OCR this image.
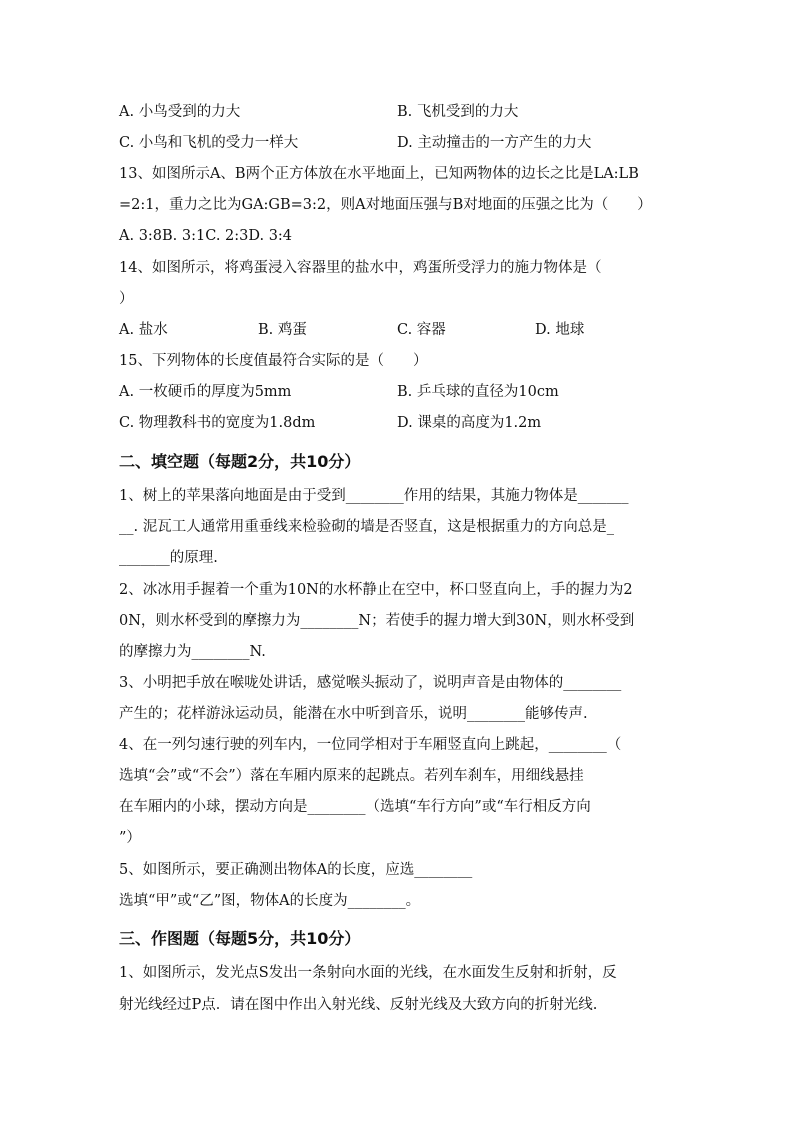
A. 小鸟受到的力大	B. 飞机受到的力大
C. 小鸟和飞机的受力一样大	D. 主动撞击的一方产生的力大
13、如图所示A、B两个正方体放在水平地面上，已知两物体的边长之比是LA:LB
=2:1，重力之比为GA:GB=3:2，则A对地面压强与B对地面的压强之比为（　　）
A. 3:8B. 3:1C. 2:3D. 3:4
14、如图所示，将鸡蛋浸入容器里的盐水中，鸡蛋所受浮力的施力物体是（
）
A. 盐水	B. 鸡蛋	C. 容器	D. 地球
15、下列物体的长度值最符合实际的是（　　）
A. 一枚硬币的厚度为5mm	B. 乒乓球的直径为10cm
C. 物理教科书的宽度为1.8dm	D. 课桌的高度为1.2m
二、填空题（每题2分，共10分）
1、树上的苹果落向地面是由于受到________作用的结果，其施力物体是_______
__. 泥瓦工人通常用重垂线来检验砌的墙是否竖直，这是根据重力的方向总是_
_______的原理.
2、冰冰用手握着一个重为10N的水杯静止在空中，杯口竖直向上，手的握力为2
0N，则水杯受到的摩擦力为________N；若使手的握力增大到30N，则水杯受到
的摩擦力为________N.
3、小明把手放在喉咙处讲话，感觉喉头振动了，说明声音是由物体的________
产生的；花样游泳运动员，能潜在水中听到音乐，说明________能够传声.
4、在一列匀速行驶的列车内，一位同学相对于车厢竖直向上跳起，________（
选填“会”或“不会”）落在车厢内原来的起跳点。若列车刹车，用细线悬挂
在车厢内的小球，摆动方向是________（选填“车行方向”或“车行相反方向
”）
5、如图所示，要正确测出物体A的长度，应选________
选填“甲”或“乙”图，物体A的长度为________。
三、作图题（每题5分，共10分）
1、如图所示，发光点S发出一条射向水面的光线，在水面发生反射和折射，反
射光线经过P点．请在图中作出入射光线、反射光线及大致方向的折射光线.
